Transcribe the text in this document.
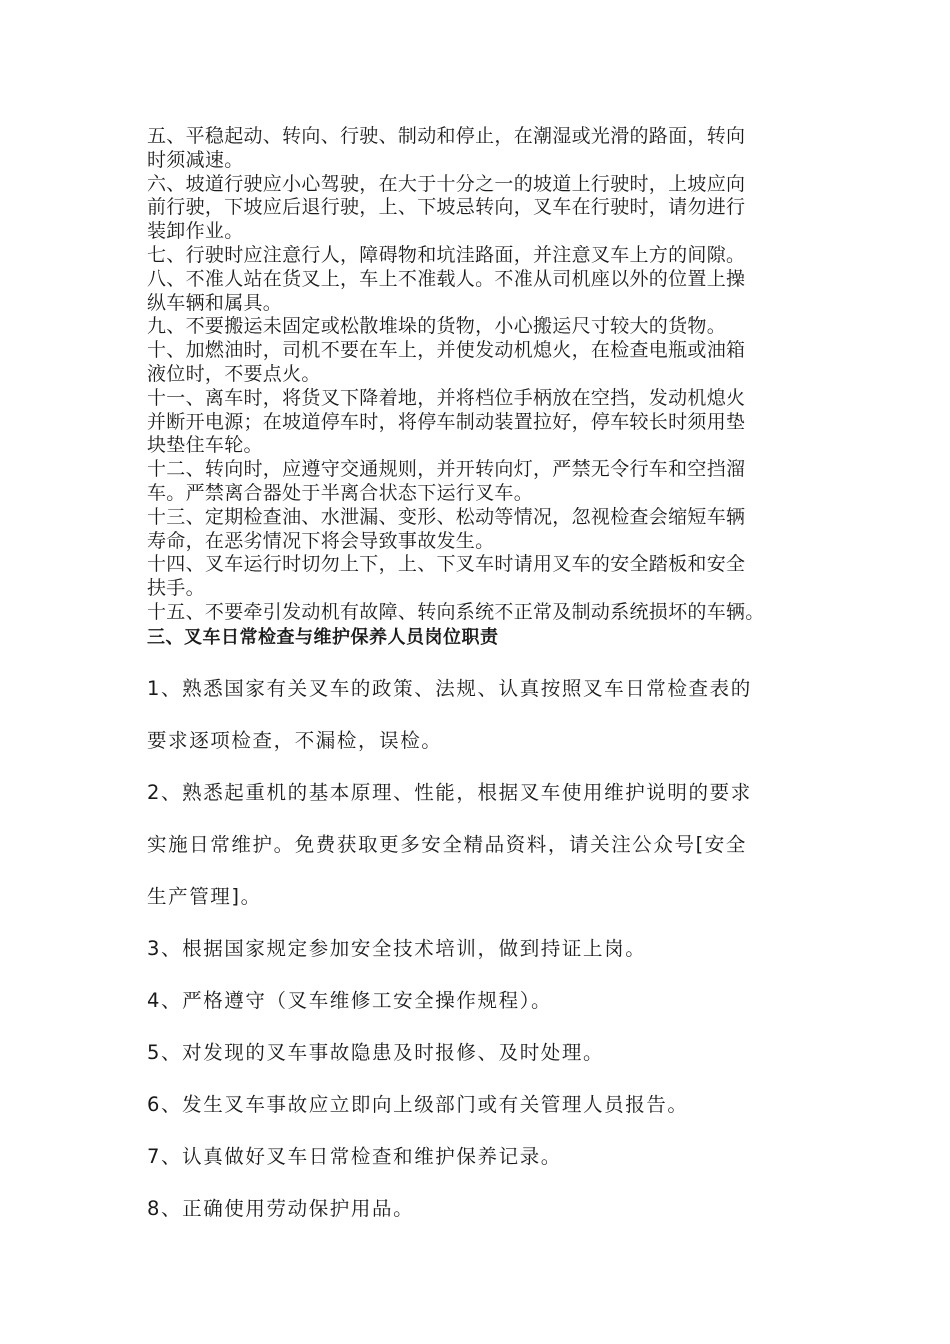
五、平稳起动、转向、行驶、制动和停止，在潮湿或光滑的路面，转向
时须减速。

六、坡道行驶应小心驾驶，在大于十分之一的坡道上行驶时，上坡应向
前行驶，下坡应后退行驶，上、下坡忌转向，叉车在行驶时，请勿进行
装卸作业。

七、行驶时应注意行人，障碍物和坑洼路面，并注意叉车上方的间隙。

八、不准人站在货叉上，车上不准载人。不准从司机座以外的位置上操
纵车辆和属具。

九、不要搬运未固定或松散堆垛的货物，小心搬运尺寸较大的货物。

十、加燃油时，司机不要在车上，并使发动机熄火，在检查电瓶或油箱
液位时，不要点火。

十一、离车时，将货叉下降着地，并将档位手柄放在空挡，发动机熄火
并断开电源；在坡道停车时，将停车制动装置拉好，停车较长时须用垫
块垫住车轮。

十二、转向时，应遵守交通规则，并开转向灯，严禁无令行车和空挡溜
车。严禁离合器处于半离合状态下运行叉车。

十三、定期检查油、水泄漏、变形、松动等情况，忽视检查会缩短车辆
寿命，在恶劣情况下将会导致事故发生。

十四、叉车运行时切勿上下，上、下叉车时请用叉车的安全踏板和安全
扶手。

十五、不要牵引发动机有故障、转向系统不正常及制动系统损坏的车辆。

三、叉车日常检查与维护保养人员岗位职责

1、熟悉国家有关叉车的政策、法规、认真按照叉车日常检查表的
要求逐项检查，不漏检，误检。

2、熟悉起重机的基本原理、性能，根据叉车使用维护说明的要求
实施日常维护。免费获取更多安全精品资料，请关注公众号[安全
生产管理]。

3、根据国家规定参加安全技术培训，做到持证上岗。

4、严格遵守（叉车维修工安全操作规程）。

5、对发现的叉车事故隐患及时报修、及时处理。

6、发生叉车事故应立即向上级部门或有关管理人员报告。

7、认真做好叉车日常检查和维护保养记录。

8、正确使用劳动保护用品。
